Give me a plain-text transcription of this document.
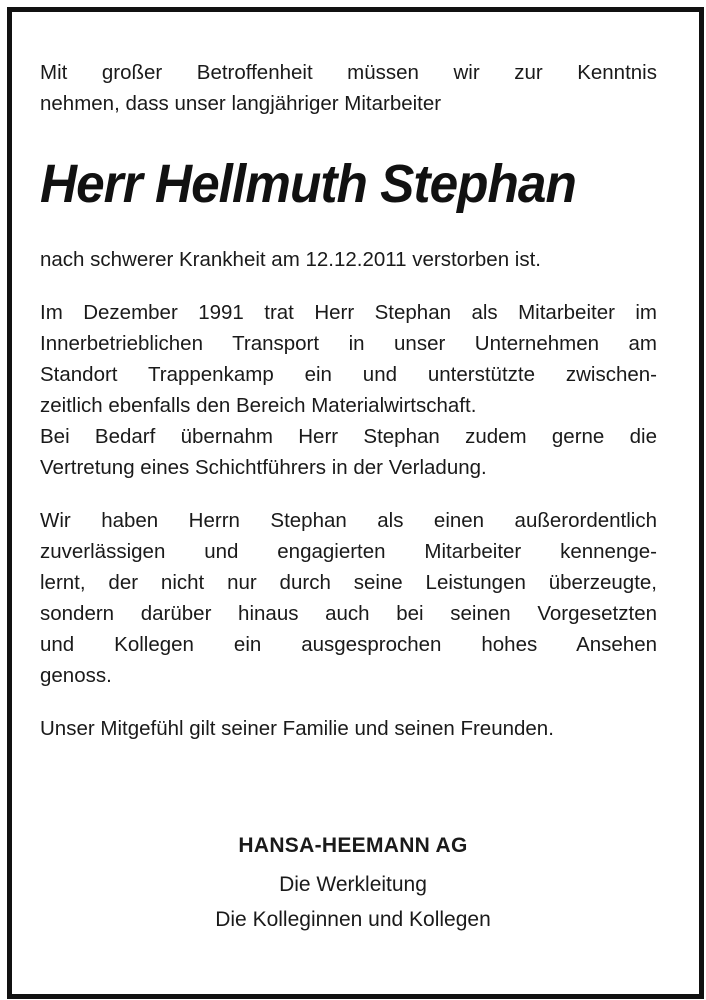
Mit großer Betroffenheit müssen wir zur Kenntnis
nehmen, dass unser langjähriger Mitarbeiter
Herr Hellmuth Stephan
nach schwerer Krankheit am 12.12.2011 verstorben ist.
Im Dezember 1991 trat Herr Stephan als Mitarbeiter im
Innerbetrieblichen Transport in unser Unternehmen am
Standort Trappenkamp ein und unterstützte zwischen-
zeitlich ebenfalls den Bereich Materialwirtschaft.
Bei Bedarf übernahm Herr Stephan zudem gerne die
Vertretung eines Schichtführers in der Verladung.
Wir haben Herrn Stephan als einen außerordentlich
zuverlässigen und engagierten Mitarbeiter kennenge-
lernt, der nicht nur durch seine Leistungen überzeugte,
sondern darüber hinaus auch bei seinen Vorgesetzten
und Kollegen ein ausgesprochen hohes Ansehen
genoss.
Unser Mitgefühl gilt seiner Familie und seinen Freunden.
HANSA-HEEMANN AG
Die Werkleitung
Die Kolleginnen und Kollegen
